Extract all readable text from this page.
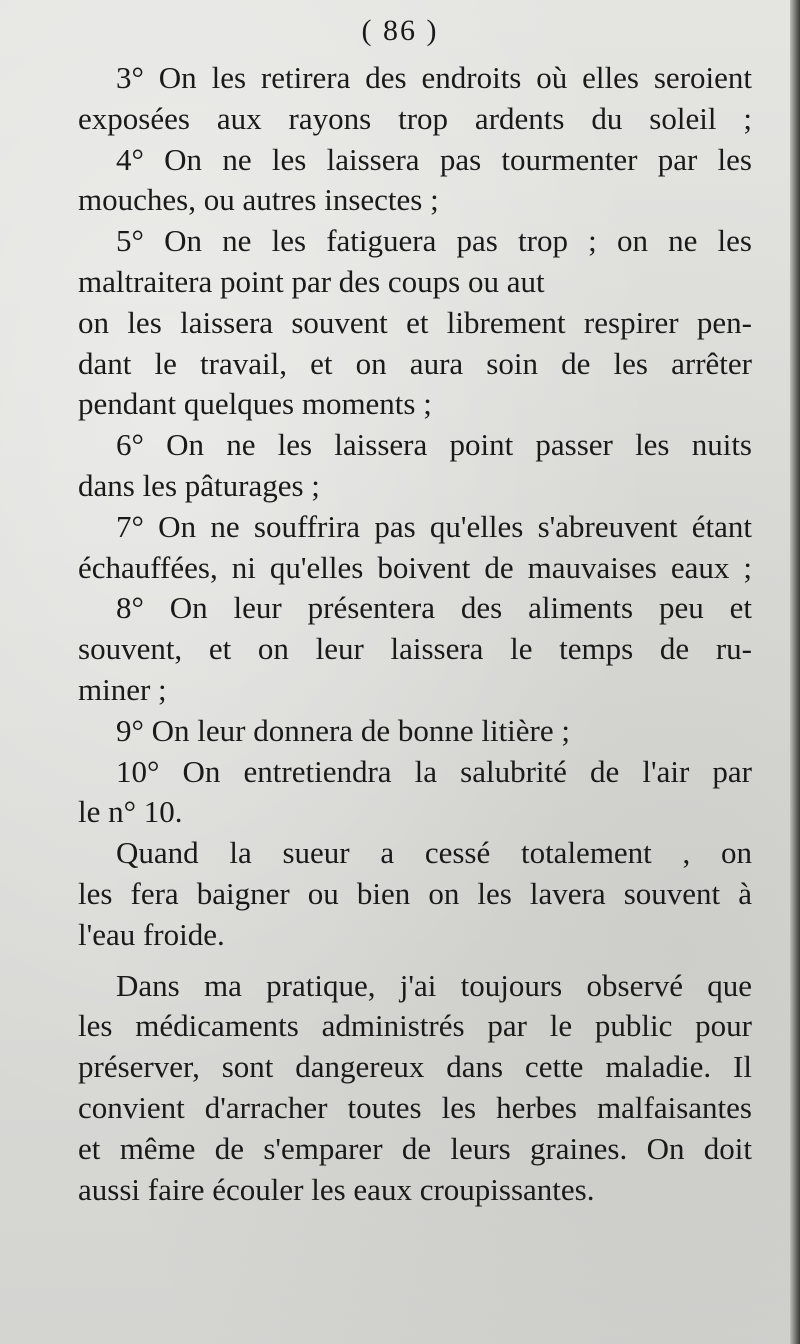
( 86 )
3° On les retirera des endroits où elles seroient
exposées aux rayons trop ardents du soleil ;
4° On ne les laissera pas tourmenter par les
mouches, ou autres insectes ;
5° On ne les fatiguera pas trop ; on ne les
maltraitera point par des coups ou aut
on les laissera souvent et librement respirer pen-
dant le travail, et on aura soin de les arrêter
pendant quelques moments ;
6° On ne les laissera point passer les nuits
dans les pâturages ;
7° On ne souffrira pas qu'elles s'abreuvent étant
échauffées, ni qu'elles boivent de mauvaises eaux ;
8° On leur présentera des aliments peu et
souvent, et on leur laissera le temps de ru-
miner ;
9° On leur donnera de bonne litière ;
10° On entretiendra la salubrité de l'air par
le n° 10.
Quand la sueur a cessé totalement , on
les fera baigner ou bien on les lavera souvent à
l'eau froide.
Dans ma pratique, j'ai toujours observé que
les médicaments administrés par le public pour
préserver, sont dangereux dans cette maladie. Il
convient d'arracher toutes les herbes malfaisantes
et même de s'emparer de leurs graines. On doit
aussi faire écouler les eaux croupissantes.
